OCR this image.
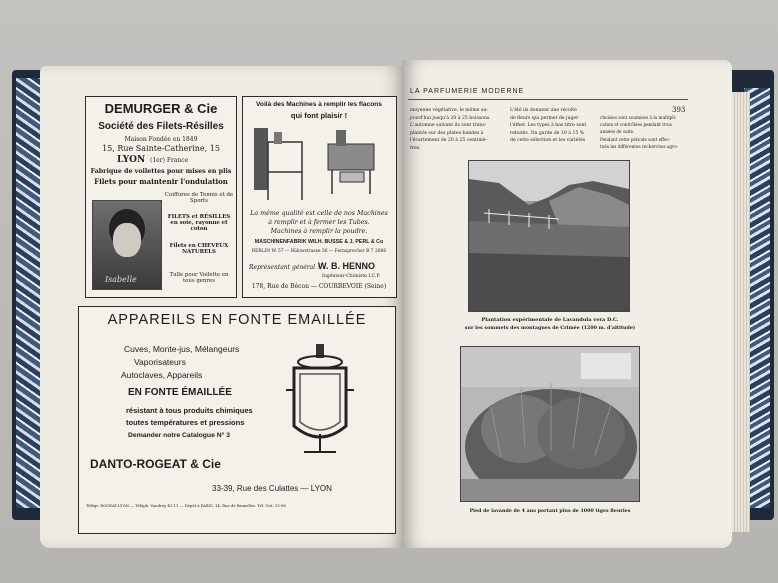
DEMURGER & Cie
Société des Filets-Résilles
Maison Fondée en 1849
15, Rue Sainte-Catherine, 15
LYON (1er) France
Fabrique de voilettes pour mises en plis
Filets pour maintenir l'ondulation
Isabelle
Coiffures de Tennis et de Sports
FILETS et RÉSILLES en soie, rayonne et coton
Filets en CHEVEUX NATURELS
Tulle pour Voilette en tous genres
Voilà des Machines à remplir les flacons
qui font plaisir !
La même qualité est celle de nos Machines
à remplir et à fermer les Tubes.
Machines à remplir la poudre.
MASCHINENFABRIK WILH. BUSSE & J. PERL & Co
BERLIN W. 57 — Bülowstrasse 56 — Fernsprecher B 7 2686
Représentant général :
W. B. HENNO
Ingénieur-Chimiste I.C.P.
178, Rue de Bécon — COURBEVOIE (Seine)
APPAREILS EN FONTE EMAILLÉE
Cuves, Monte-jus, Mélangeurs
Vaporisateurs
Autoclaves, Appareils
EN FONTE ÉMAILLÉE
résistant à tous produits chimiques
toutes températures et pressions
Demander notre Catalogue N° 3
DANTO-ROGEAT & Cie
33-39, Rue des Culattes — LYON
Télégr. ROGEAT-LYON — Téléph. Vaudrey 41-11 — Dépôt à PARIS, 14, Rue de Bruxelles. Tél. Gut. 13-96
LA PARFUMERIE MODERNE
393
moyenne végétative, le même au-
jourd'hui jusqu'à 20 à 25 boissons.
L'automne suivant ils sont trans-
plantés sur des plates-bandes à
l'écartement de 20 à 25 centimè-
tres.
L'été ils donnent une récolte
de fleurs qui permet de juger
l'éther. Les types à bas titre sont
rebutés. On garde de 10 à 15 %
de cette sélection et les variétés
choisies sont soumises à la multipli-
cation et contrôlées pendant trois
années de suite.
Pendant cette période sont effec-
tués les différentes recherches agro-
Plantation expérimentale de Lavandula vera D.C.
sur les sommets des montagnes de Crimée (1200 m. d'altitude)
Pied de lavande de 4 ans portant plus de 1000 tiges fleuries
